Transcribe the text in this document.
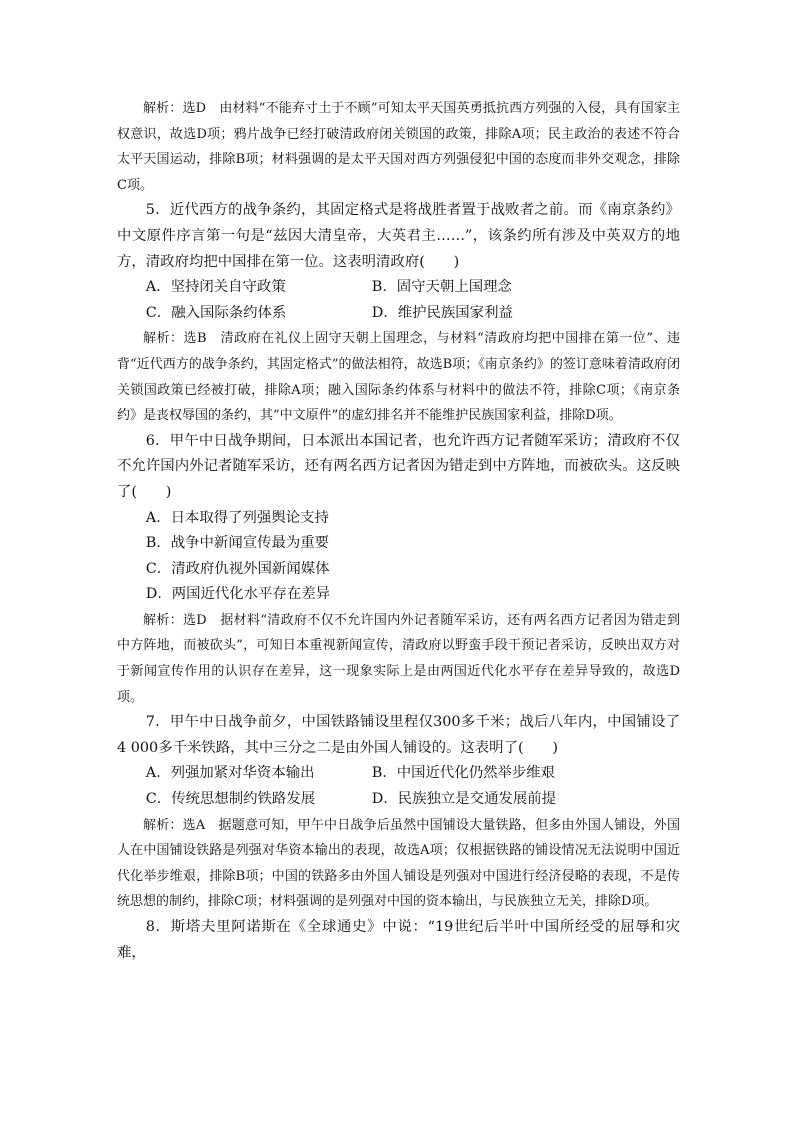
解析：选D　由材料“不能弃寸土于不顾”可知太平天国英勇抵抗西方列强的入侵，具有国家主权意识，故选D项；鸦片战争已经打破清政府闭关锁国的政策，排除A项；民主政治的表述不符合太平天国运动，排除B项；材料强调的是太平天国对西方列强侵犯中国的态度而非外交观念，排除C项。

5．近代西方的战争条约，其固定格式是将战胜者置于战败者之前。而《南京条约》中文原件序言第一句是“兹因大清皇帝，大英君主……”，该条约所有涉及中英双方的地方，清政府均把中国排在第一位。这表明清政府(　　)

A．坚持闭关自守政策	B．固守天朝上国理念
C．融入国际条约体系	D．维护民族国家利益

解析：选B　清政府在礼仪上固守天朝上国理念，与材料“清政府均把中国排在第一位”、违背“近代西方的战争条约，其固定格式”的做法相符，故选B项；《南京条约》的签订意味着清政府闭关锁国政策已经被打破，排除A项；融入国际条约体系与材料中的做法不符，排除C项；《南京条约》是丧权辱国的条约，其“中文原件”的虚幻排名并不能维护民族国家利益，排除D项。

6．甲午中日战争期间，日本派出本国记者，也允许西方记者随军采访；清政府不仅不允许国内外记者随军采访，还有两名西方记者因为错走到中方阵地，而被砍头。这反映了(　　)

A．日本取得了列强舆论支持
B．战争中新闻宣传最为重要
C．清政府仇视外国新闻媒体
D．两国近代化水平存在差异

解析：选D　据材料“清政府不仅不允许国内外记者随军采访，还有两名西方记者因为错走到中方阵地，而被砍头”，可知日本重视新闻宣传，清政府以野蛮手段干预记者采访，反映出双方对于新闻宣传作用的认识存在差异，这一现象实际上是由两国近代化水平存在差异导致的，故选D项。

7．甲午中日战争前夕，中国铁路铺设里程仅300多千米；战后八年内，中国铺设了4 000多千米铁路，其中三分之二是由外国人铺设的。这表明了(　　)

A．列强加紧对华资本输出	B．中国近代化仍然举步维艰
C．传统思想制约铁路发展	D．民族独立是交通发展前提

解析：选A　据题意可知，甲午中日战争后虽然中国铺设大量铁路，但多由外国人铺设，外国人在中国铺设铁路是列强对华资本输出的表现，故选A项；仅根据铁路的铺设情况无法说明中国近代化举步维艰，排除B项；中国的铁路多由外国人铺设是列强对中国进行经济侵略的表现，不是传统思想的制约，排除C项；材料强调的是列强对中国的资本输出，与民族独立无关，排除D项。

8．斯塔夫里阿诺斯在《全球通史》中说：“19世纪后半叶中国所经受的屈辱和灾难，
